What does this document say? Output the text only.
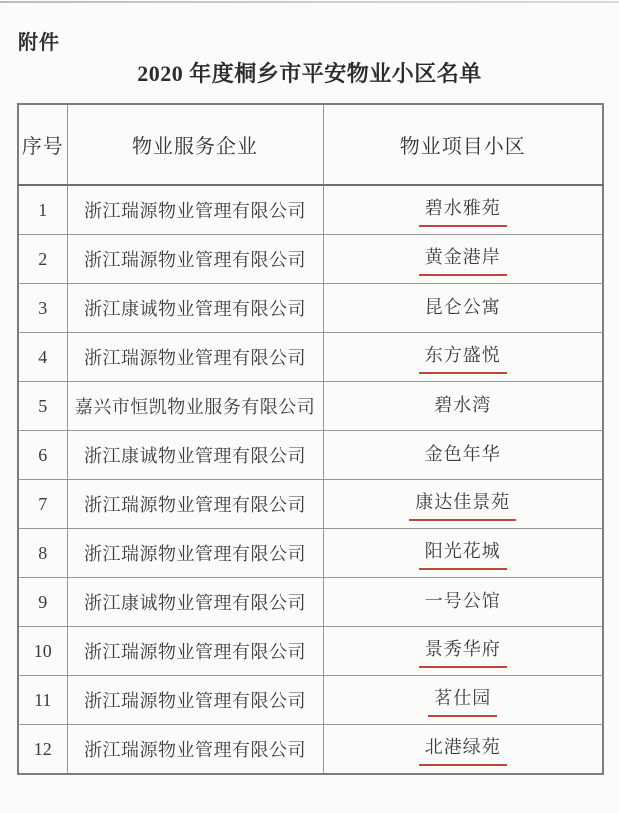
附件
2020 年度桐乡市平安物业小区名单
序号	物业服务企业	物业项目小区
1	浙江瑞源物业管理有限公司	碧水雅苑
2	浙江瑞源物业管理有限公司	黄金港岸
3	浙江康诚物业管理有限公司	昆仑公寓
4	浙江瑞源物业管理有限公司	东方盛悦
5	嘉兴市恒凯物业服务有限公司	碧水湾
6	浙江康诚物业管理有限公司	金色年华
7	浙江瑞源物业管理有限公司	康达佳景苑
8	浙江瑞源物业管理有限公司	阳光花城
9	浙江康诚物业管理有限公司	一号公馆
10	浙江瑞源物业管理有限公司	景秀华府
11	浙江瑞源物业管理有限公司	茗仕园
12	浙江瑞源物业管理有限公司	北港绿苑
